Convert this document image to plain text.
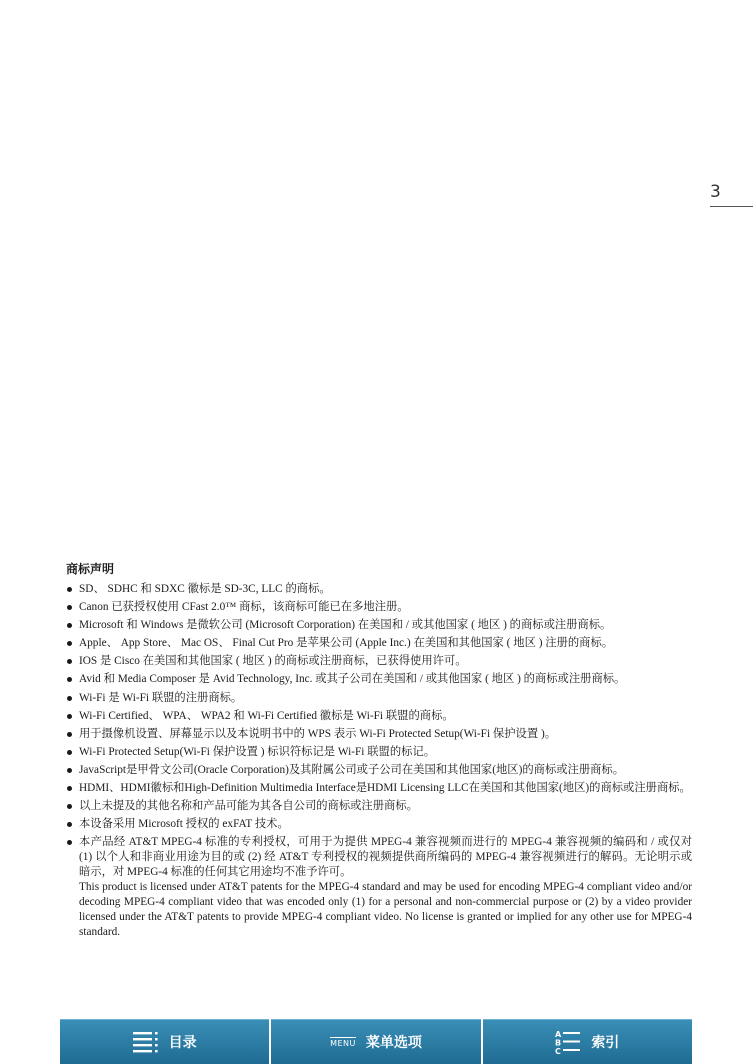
3
商标声明
SD、 SDHC 和 SDXC 徽标是 SD-3C, LLC 的商标。
Canon 已获授权使用 CFast 2.0™ 商标，该商标可能已在多地注册。
Microsoft 和 Windows 是微软公司 (Microsoft Corporation) 在美国和 / 或其他国家 ( 地区 ) 的商标或注册商标。
Apple、 App Store、 Mac OS、 Final Cut Pro 是苹果公司 (Apple Inc.) 在美国和其他国家 ( 地区 ) 注册的商标。
IOS 是 Cisco 在美国和其他国家 ( 地区 ) 的商标或注册商标，已获得使用许可。
Avid 和 Media Composer 是 Avid Technology, Inc. 或其子公司在美国和 / 或其他国家 ( 地区 ) 的商标或注册商标。
Wi-Fi 是 Wi-Fi 联盟的注册商标。
Wi-Fi Certified、 WPA、 WPA2 和 Wi-Fi Certified 徽标是 Wi-Fi 联盟的商标。
用于摄像机设置、屏幕显示以及本说明书中的 WPS 表示 Wi-Fi Protected Setup(Wi-Fi 保护设置 )。
Wi-Fi Protected Setup(Wi-Fi 保护设置 ) 标识符标记是 Wi-Fi 联盟的标记。
JavaScript是甲骨文公司(Oracle Corporation)及其附属公司或子公司在美国和其他国家(地区)的商标或注册商标。
HDMI、HDMI徽标和High-Definition Multimedia Interface是HDMI Licensing LLC在美国和其他国家(地区)的商标或注册商标。
以上未提及的其他名称和产品可能为其各自公司的商标或注册商标。
本设备采用 Microsoft 授权的 exFAT 技术。
本产品经 AT&T MPEG-4 标准的专利授权，可用于为提供 MPEG-4 兼容视频而进行的 MPEG-4 兼容视频的编码和 / 或仅对 (1) 以个人和非商业用途为目的或 (2) 经 AT&T 专利授权的视频提供商所编码的 MPEG-4 兼容视频进行的解码。无论明示或暗示，对 MPEG-4 标准的任何其它用途均不准予许可。
This product is licensed under AT&T patents for the MPEG-4 standard and may be used for encoding MPEG-4 compliant video and/or decoding MPEG-4 compliant video that was encoded only (1) for a personal and non-commercial purpose or (2) by a video provider licensed under the AT&T patents to provide MPEG-4 compliant video. No license is granted or implied for any other use for MPEG-4 standard.
目录	MENU 菜单选项
A
B
C
索引
